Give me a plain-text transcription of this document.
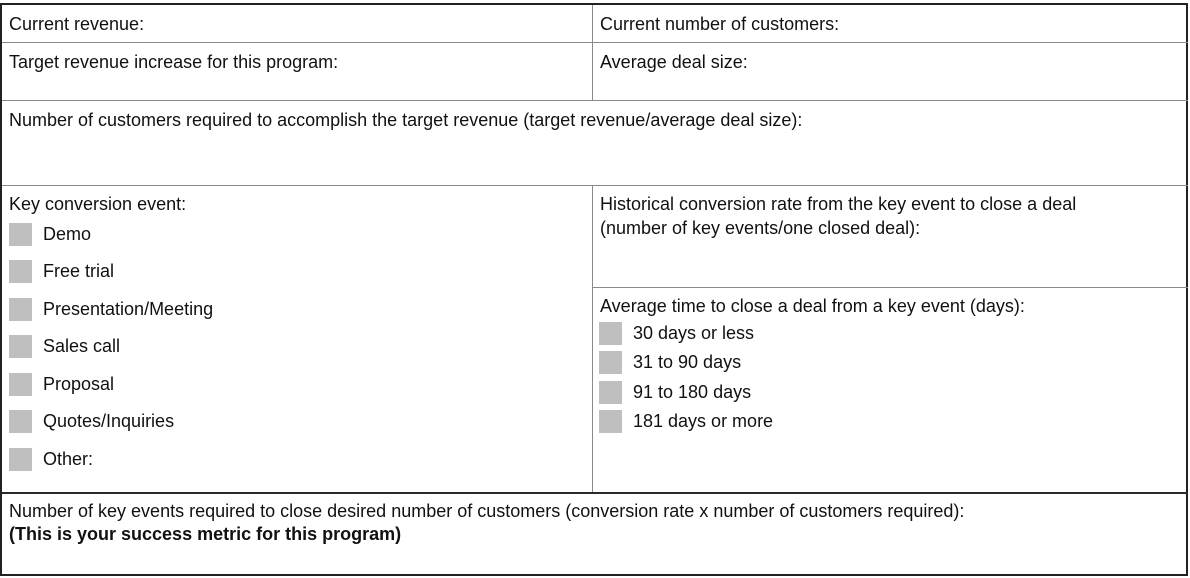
Current revenue:	Current number of customers:
Target revenue increase for this program:	Average deal size:
Number of customers required to accomplish the target revenue (target revenue/average deal size):
Key conversion event:
Demo
Free trial
Presentation/Meeting
Sales call
Proposal
Quotes/Inquiries
Other:
Historical conversion rate from the key event to close a deal
(number of key events/one closed deal):
Average time to close a deal from a key event (days):
30 days or less
31 to 90 days
91 to 180 days
181 days or more
Number of key events required to close desired number of customers (conversion rate x number of customers required):
(This is your success metric for this program)
